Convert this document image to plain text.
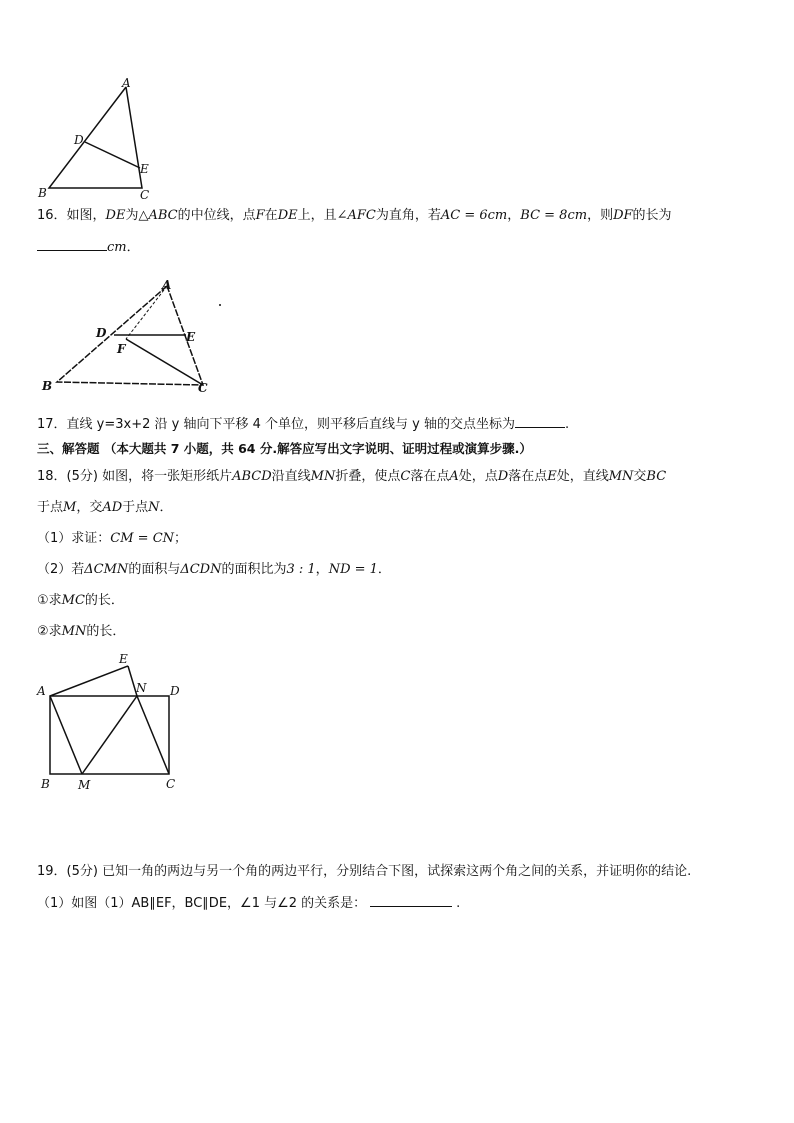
A
D
E
B	C
16．如图，DE为△ABC的中位线，点F在DE上，且∠AFC为直角，若AC = 6cm，BC = 8cm，则DF的长为
cm．
A
D	E
F
B	C
17．直线 y=3x+2 沿 y 轴向下平移 4 个单位，则平移后直线与 y 轴的交点坐标为	.
三、解答题 （本大题共 7 小题，共 64 分.解答应写出文字说明、证明过程或演算步骤.）
18．(5分) 如图，将一张矩形纸片ABCD沿直线MN折叠，使点C落在点A处，点D落在点E处，直线MN交BC
于点M，交AD于点N．
（1）求证：CM = CN；
（2）若ΔCMN的面积与ΔCDN的面积比为3 : 1，ND = 1．
①求MC的长．
②求MN的长．
E
A	N D
B M	C
19．(5分) 已知一角的两边与另一个角的两边平行，分别结合下图，试探索这两个角之间的关系，并证明你的结论.
（1）如图（1）AB∥EF，BC∥DE，∠1 与∠2 的关系是：	.
